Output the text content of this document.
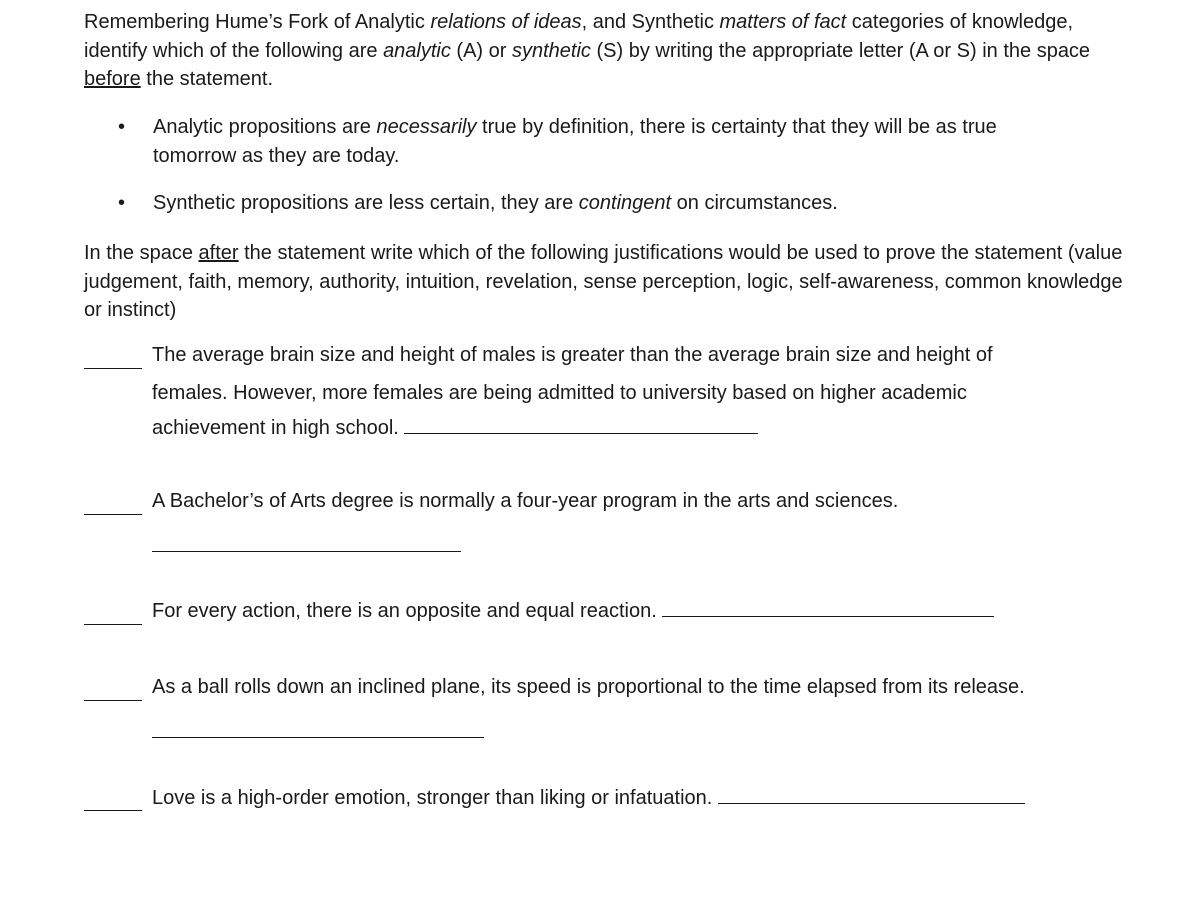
Remembering Hume’s Fork of Analytic relations of ideas, and Synthetic matters of fact categories of knowledge, identify which of the following are analytic (A) or synthetic (S) by writing the appropriate letter (A or S) in the space before the statement.

• Analytic propositions are necessarily true by definition, there is certainty that they will be as true tomorrow as they are today.
• Synthetic propositions are less certain, they are contingent on circumstances.

In the space after the statement write which of the following justifications would be used to prove the statement (value judgement, faith, memory, authority, intuition, revelation, sense perception, logic, self-awareness, common knowledge or instinct)

The average brain size and height of males is greater than the average brain size and height of
females. However, more females are being admitted to university based on higher academic
achievement in high school.
A Bachelor’s of Arts degree is normally a four-year program in the arts and sciences.
For every action, there is an opposite and equal reaction.
As a ball rolls down an inclined plane, its speed is proportional to the time elapsed from its release.
Love is a high-order emotion, stronger than liking or infatuation.
